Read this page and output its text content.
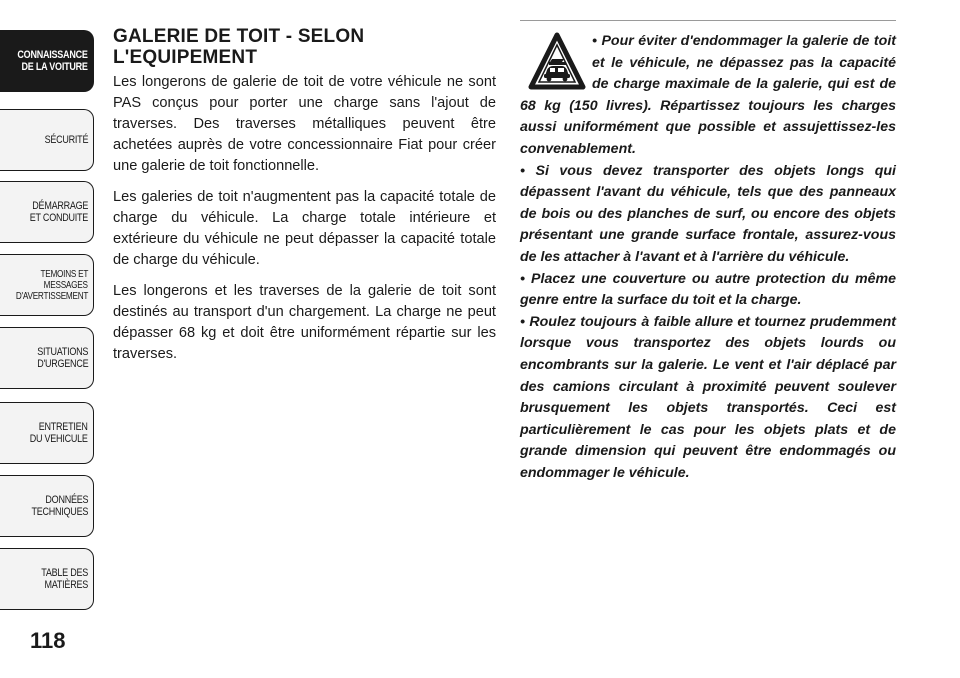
CONNAISSANCE
DE LA VOITURE
SÉCURITÉ
DÉMARRAGE
ET CONDUITE
TEMOINS ET
MESSAGES
D'AVERTISSEMENT
SITUATIONS
D'URGENCE
ENTRETIEN
DU VEHICULE
DONNÉES
TECHNIQUES
TABLE DES
MATIÈRES
118
GALERIE DE TOIT - SELON
L'EQUIPEMENT

Les longerons de galerie de toit de votre véhicule ne sont PAS conçus pour porter une charge sans l'ajout de traverses. Des traverses métalliques peuvent être achetées auprès de votre concessionnaire Fiat pour créer une galerie de toit fonctionnelle.

Les galeries de toit n'augmentent pas la capacité totale de charge du véhicule. La charge totale intérieure et extérieure du véhicule ne peut dépasser la capacité totale de charge du véhicule.

Les longerons et les traverses de la galerie de toit sont destinés au transport d'un chargement. La charge ne peut dépasser 68 kg et doit être uniformément répartie sur les traverses.

• Pour éviter d'endommager la galerie de toit et le véhicule, ne dépassez pas la capacité de charge maximale de la galerie, qui est de 68 kg (150 livres). Répartissez toujours les charges aussi uniformément que possible et assujettissez-les convenablement.

• Si vous devez transporter des objets longs qui dépassent l'avant du véhicule, tels que des panneaux de bois ou des planches de surf, ou encore des objets présentant une grande surface frontale, assurez-vous de les attacher à l'avant et à l'arrière du véhicule.

• Placez une couverture ou autre protection du même genre entre la surface du toit et la charge.

• Roulez toujours à faible allure et tournez prudemment lorsque vous transportez des objets lourds ou encombrants sur la galerie. Le vent et l'air déplacé par des camions circulant à proximité peuvent soulever brusquement les objets transportés. Ceci est particulièrement le cas pour les objets plats et de grande dimension qui peuvent être endommagés ou endommager le véhicule.
